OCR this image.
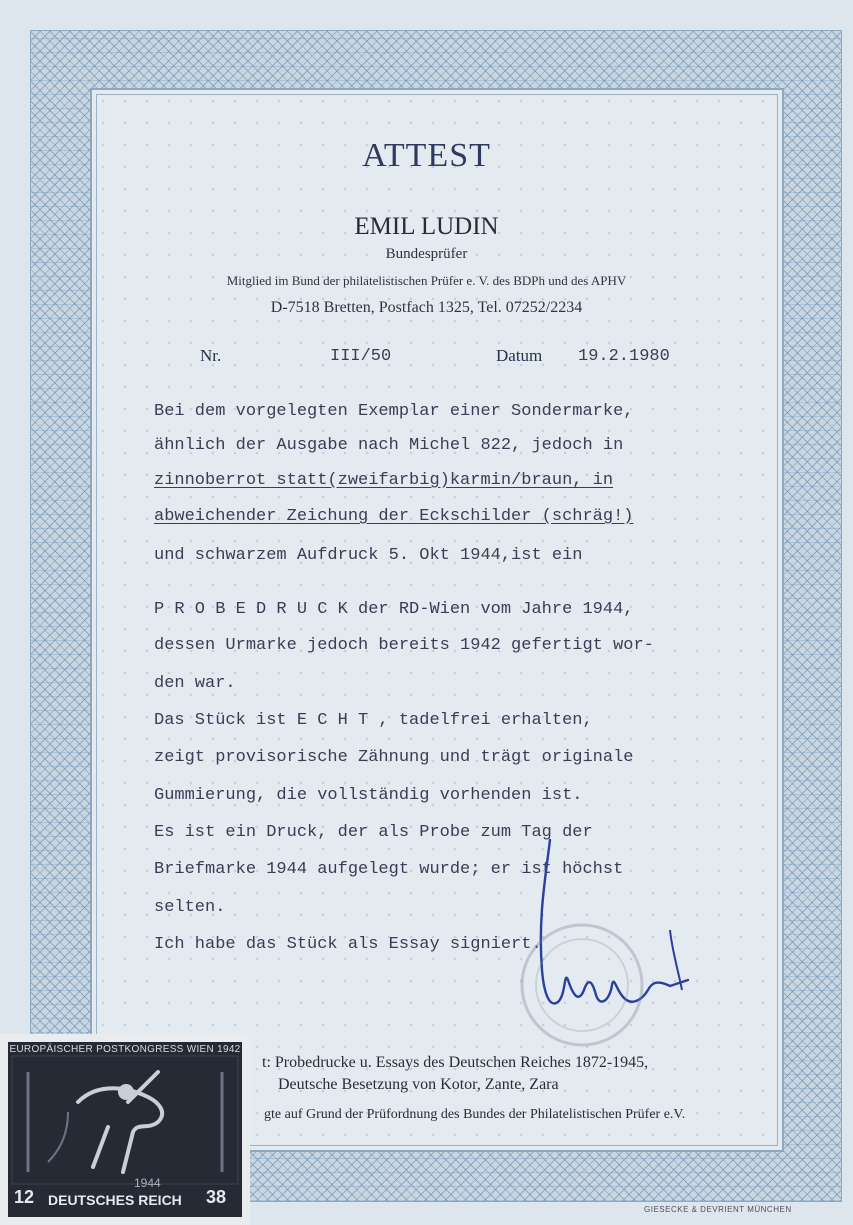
ATTEST
EMIL LUDIN
Bundesprüfer
Mitglied im Bund der philatelistischen Prüfer e. V. des BDPh und des APHV
D-7518 Bretten, Postfach 1325, Tel. 07252/2234
Nr.	III/50	Datum 19.2.1980
Bei dem vorgelegten Exemplar einer Sondermarke,
ähnlich der Ausgabe nach Michel 822, jedoch in
zinnoberrot statt(zweifarbig)karmin/braun, in
abweichender Zeichung der Eckschilder (schräg!)
und schwarzem Aufdruck 5. Okt 1944,ist ein
P R O B E D R U C K der RD-Wien vom Jahre 1944,
dessen Urmarke jedoch bereits 1942 gefertigt wor-
den war.
Das Stück ist E C H T , tadelfrei erhalten,
zeigt provisorische Zähnung und trägt originale
Gummierung, die vollständig vorhenden ist.
Es ist ein Druck, der als Probe zum Tag der
Briefmarke 1944 aufgelegt wurde; er ist höchst
selten.
Ich habe das Stück als Essay signiert.
t: Probedrucke u. Essays des Deutschen Reiches 1872-1945,
Deutsche Besetzung von Kotor, Zante, Zara
gte auf Grund der Prüfordnung des Bundes der Philatelistischen Prüfer e.V.
EUROPÄISCHER POSTKONGRESS WIEN 1942
12
1944
DEUTSCHES REICH 38
GIESECKE & DEVRIENT MÜNCHEN
